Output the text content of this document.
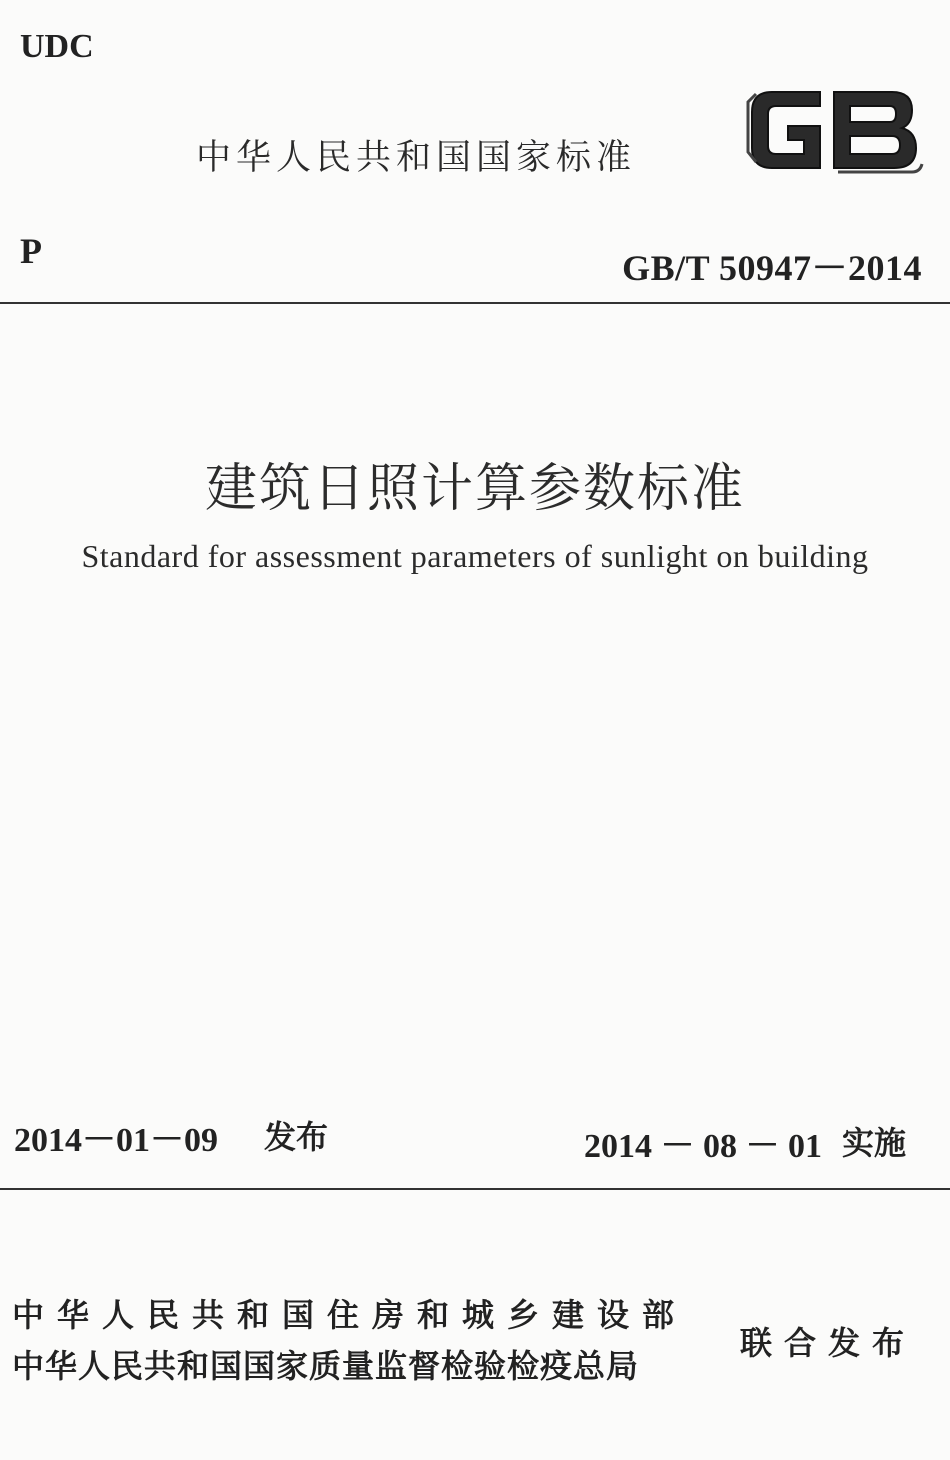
UDC
中华人民共和国国家标准
P	GB/T 50947－2014
建筑日照计算参数标准
Standard for assessment parameters of sunlight on building
2014－01－09 发布	2014 － 08 － 01 实施
中华人民共和国住房和城乡建设部
中华人民共和国国家质量监督检验检疫总局
联合发布
